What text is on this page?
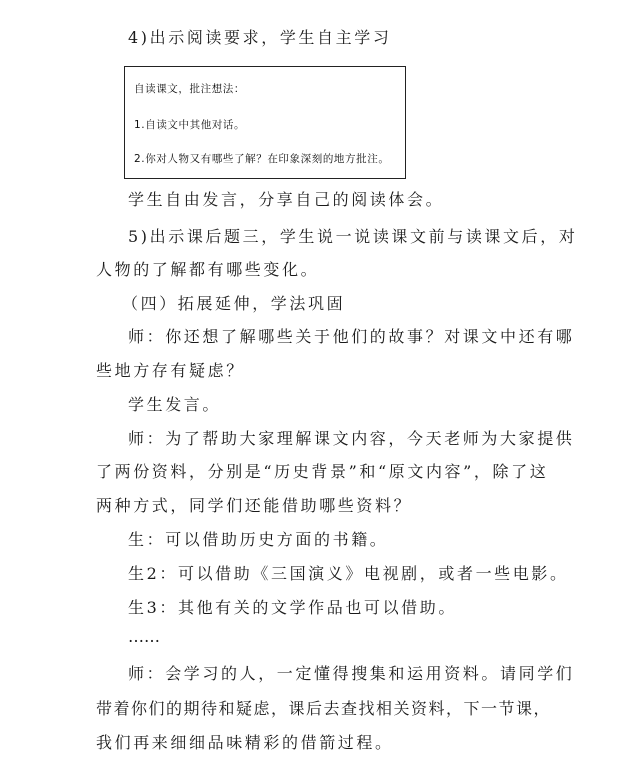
4)出示阅读要求，学生自主学习
自读课文，批注想法：
1.自读文中其他对话。
2.你对人物又有哪些了解？在印象深刻的地方批注。
学生自由发言，分享自己的阅读体会。
5)出示课后题三，学生说一说读课文前与读课文后，对
人物的了解都有哪些变化。
（四）拓展延伸，学法巩固
师：你还想了解哪些关于他们的故事？对课文中还有哪
些地方存有疑虑？
学生发言。
师：为了帮助大家理解课文内容，今天老师为大家提供
了两份资料，分别是“历史背景”和“原文内容”，除了这
两种方式，同学们还能借助哪些资料？
生：可以借助历史方面的书籍。
生2：可以借助《三国演义》电视剧，或者一些电影。
生3：其他有关的文学作品也可以借助。
……
师：会学习的人，一定懂得搜集和运用资料。请同学们
带着你们的期待和疑虑，课后去查找相关资料，下一节课，
我们再来细细品味精彩的借箭过程。
